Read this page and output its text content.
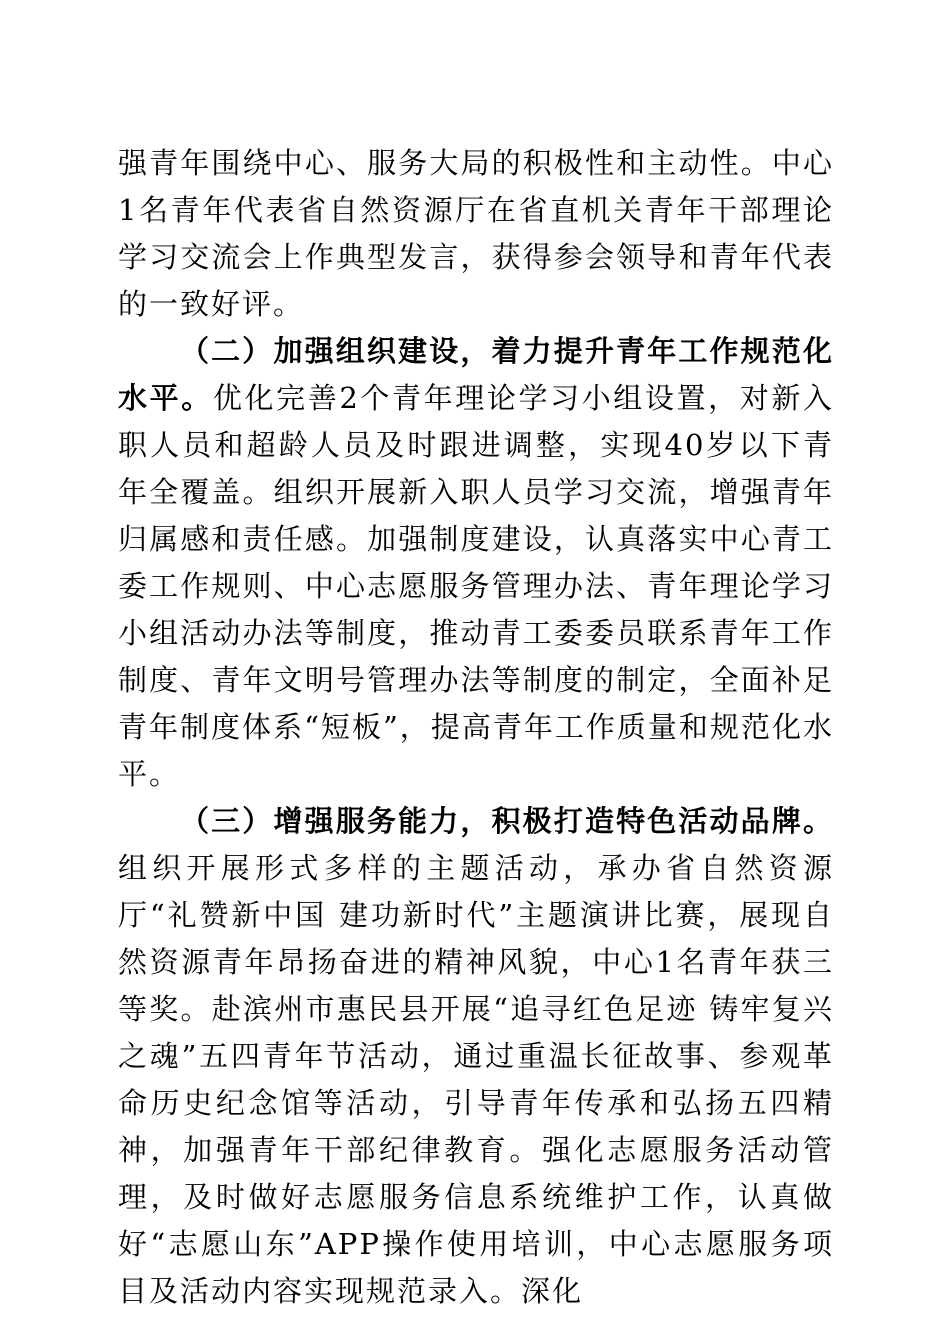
强青年围绕中心、服务大局的积极性和主动性。中心1名青年代表省自然资源厅在省直机关青年干部理论学习交流会上作典型发言，获得参会领导和青年代表的一致好评。

（二）加强组织建设，着力提升青年工作规范化水平。优化完善2个青年理论学习小组设置，对新入职人员和超龄人员及时跟进调整，实现40岁以下青年全覆盖。组织开展新入职人员学习交流，增强青年归属感和责任感。加强制度建设，认真落实中心青工委工作规则、中心志愿服务管理办法、青年理论学习小组活动办法等制度，推动青工委委员联系青年工作制度、青年文明号管理办法等制度的制定，全面补足青年制度体系“短板”，提高青年工作质量和规范化水平。

（三）增强服务能力，积极打造特色活动品牌。组织开展形式多样的主题活动，承办省自然资源厅“礼赞新中国 建功新时代”主题演讲比赛，展现自然资源青年昂扬奋进的精神风貌，中心1名青年获三等奖。赴滨州市惠民县开展“追寻红色足迹 铸牢复兴之魂”五四青年节活动，通过重温长征故事、参观革命历史纪念馆等活动，引导青年传承和弘扬五四精神，加强青年干部纪律教育。强化志愿服务活动管理，及时做好志愿服务信息系统维护工作，认真做好“志愿山东”APP操作使用培训，中心志愿服务项目及活动内容实现规范录入。深化
